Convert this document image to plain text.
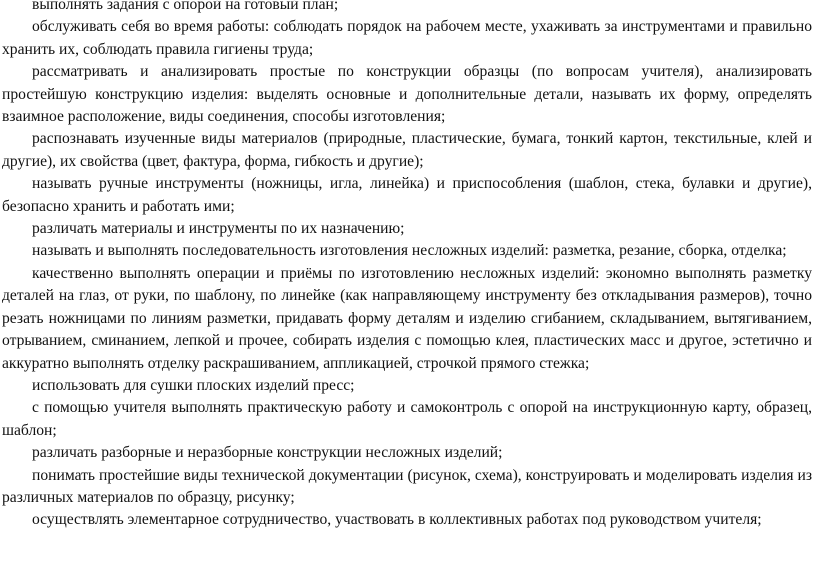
выполнять задания с опорой на готовый план;

обслуживать себя во время работы: соблюдать порядок на рабочем месте, ухаживать за инструментами и правильно хранить их, соблюдать правила гигиены труда;

рассматривать и анализировать простые по конструкции образцы (по вопросам учителя), анализировать простейшую конструкцию изделия: выделять основные и дополнительные детали, называть их форму, определять взаимное расположение, виды соединения, способы изготовления;

распознавать изученные виды материалов (природные, пластические, бумага, тонкий картон, текстильные, клей и другие), их свойства (цвет, фактура, форма, гибкость и другие);

называть ручные инструменты (ножницы, игла, линейка) и приспособления (шаблон, стека, булавки и другие), безопасно хранить и работать ими;

различать материалы и инструменты по их назначению;

называть и выполнять последовательность изготовления несложных изделий: разметка, резание, сборка, отделка;

качественно выполнять операции и приёмы по изготовлению несложных изделий: экономно выполнять разметку деталей на глаз, от руки, по шаблону, по линейке (как направляющему инструменту без откладывания размеров), точно резать ножницами по линиям разметки, придавать форму деталям и изделию сгибанием, складыванием, вытягиванием, отрыванием, сминанием, лепкой и прочее, собирать изделия с помощью клея, пластических масс и другое, эстетично и аккуратно выполнять отделку раскрашиванием, аппликацией, строчкой прямого стежка;

использовать для сушки плоских изделий пресс;

с помощью учителя выполнять практическую работу и самоконтроль с опорой на инструкционную карту, образец, шаблон;

различать разборные и неразборные конструкции несложных изделий;

понимать простейшие виды технической документации (рисунок, схема), конструировать и моделировать изделия из различных материалов по образцу, рисунку;

осуществлять элементарное сотрудничество, участвовать в коллективных работах под руководством учителя;
